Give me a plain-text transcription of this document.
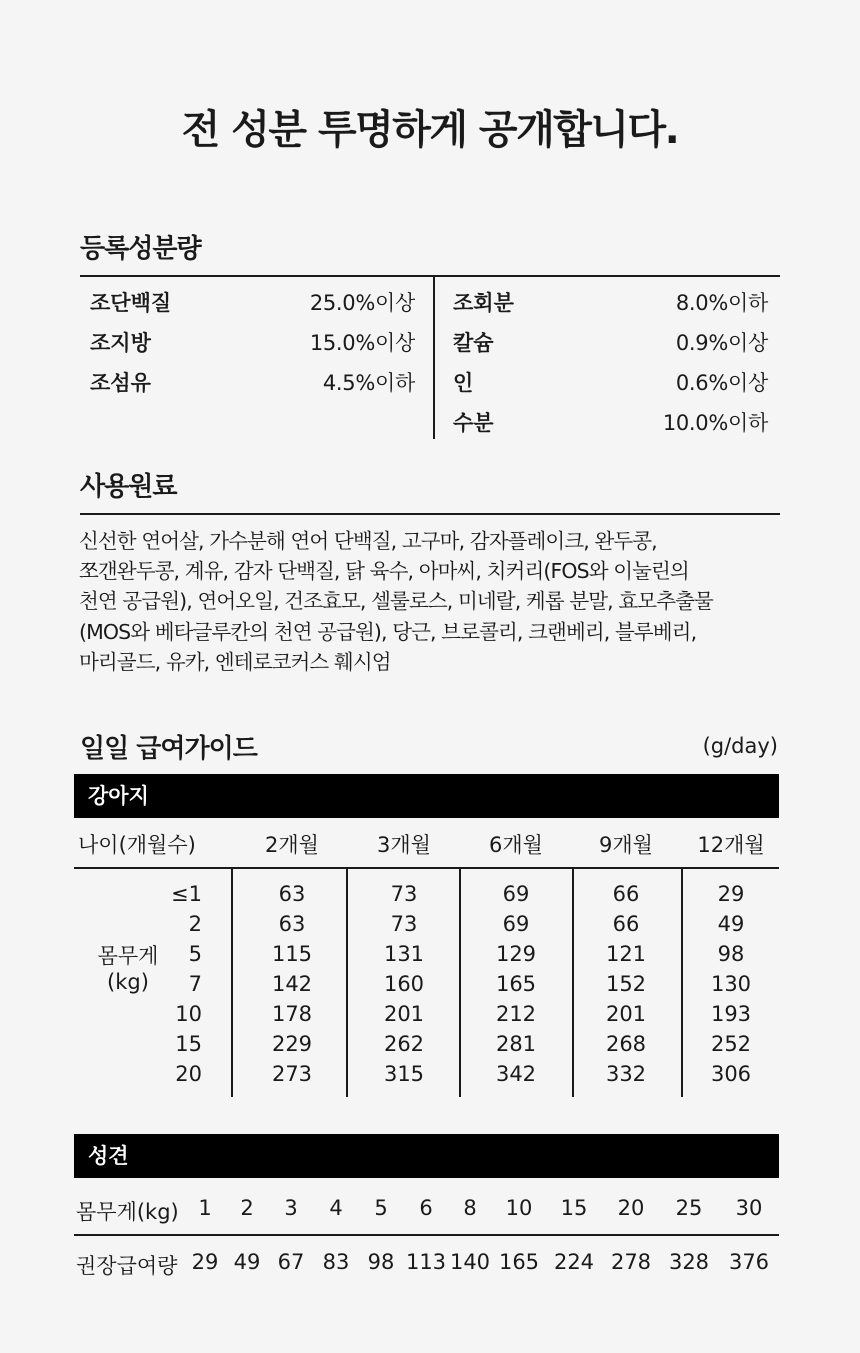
전 성분 투명하게 공개합니다.
등록성분량
조단백질	25.0%이상
조지방	15.0%이상
조섬유	4.5%이하
조회분	8.0%이하
칼슘	0.9%이상
인	0.6%이상
수분	10.0%이하
사용원료
신선한 연어살, 가수분해 연어 단백질, 고구마, 감자플레이크, 완두콩,
쪼갠완두콩, 계유, 감자 단백질, 닭 육수, 아마씨, 치커리(FOS와 이눌린의
천연 공급원), 연어오일, 건조효모, 셀룰로스, 미네랄, 케롭 분말, 효모추출물
(MOS와 베타글루칸의 천연 공급원), 당근, 브로콜리, 크랜베리, 블루베리,
마리골드, 유카, 엔테로코커스 훼시엄
일일 급여가이드	(g/day)
강아지
나이(개월수)	2개월	3개월	6개월	9개월	12개월
몸무게
(kg)
≤1	63	73	69	66	29
2	63	73	69	66	49
5	115	131	129	121	98
7	142	160	165	152	130
10	178	201	212	201	193
15	229	262	281	268	252
20	273	315	342	332	306
성견
몸무게(kg) 1	2	3	4	5	6	8	10	15	20	25	30
권장급여량 29 49 67 83 98 113 140 165 224 278 328 376
